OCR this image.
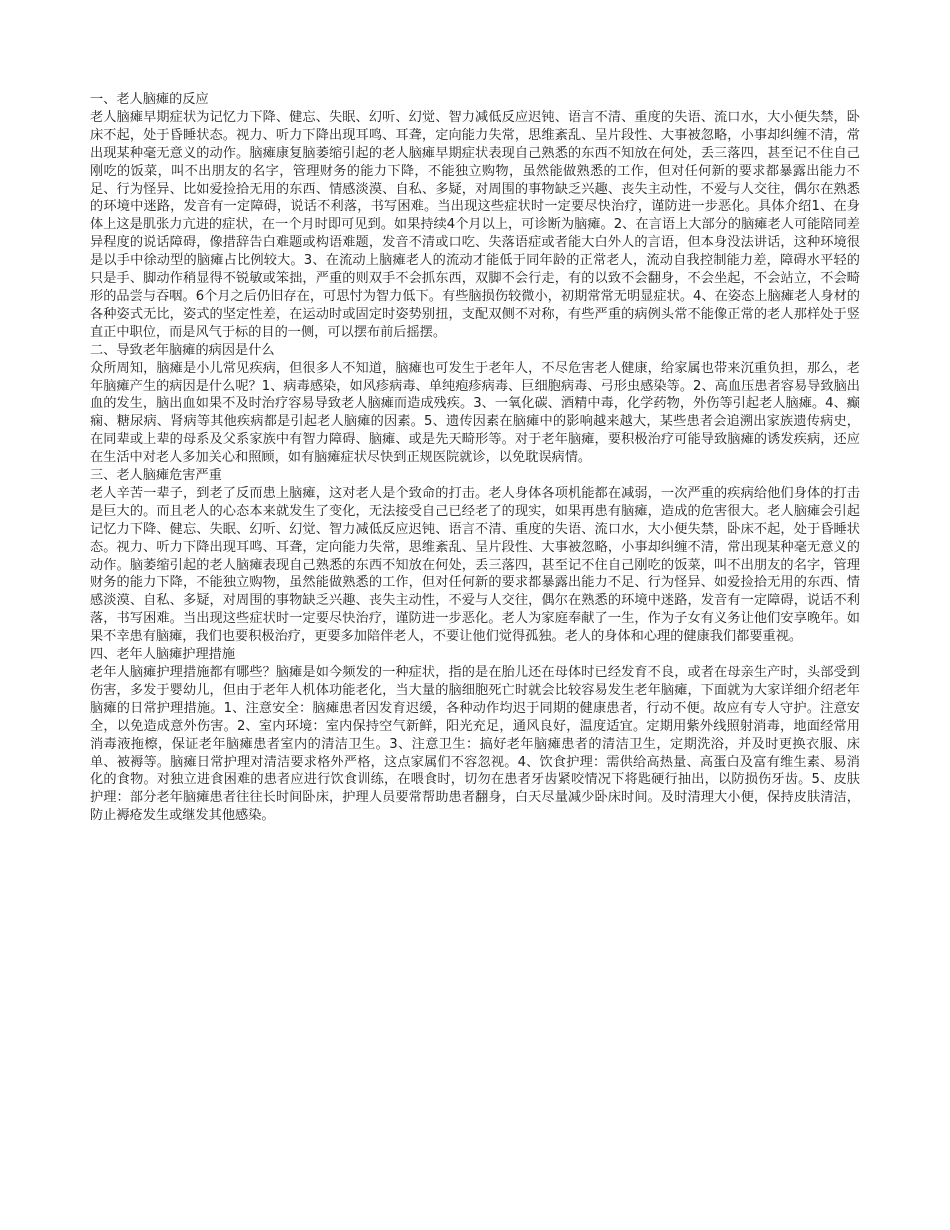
一、老人脑瘫的反应
老人脑瘫早期症状为记忆力下降、健忘、失眠、幻听、幻觉、智力减低反应迟钝、语言不清、重度的失语、流口水，大小便失禁，卧床不起，处于昏睡状态。视力、听力下降出现耳鸣、耳聋，定向能力失常，思维紊乱、呈片段性、大事被忽略，小事却纠缠不清，常出现某种毫无意义的动作。脑瘫康复脑萎缩引起的老人脑瘫早期症状表现自己熟悉的东西不知放在何处，丢三落四，甚至记不住自己刚吃的饭菜，叫不出朋友的名字，管理财务的能力下降，不能独立购物，虽然能做熟悉的工作，但对任何新的要求都暴露出能力不足、行为怪异、比如爱捡拾无用的东西、情感淡漠、自私、多疑，对周围的事物缺乏兴趣、丧失主动性，不爱与人交往，偶尔在熟悉的环境中迷路，发音有一定障碍，说话不利落，书写困难。当出现这些症状时一定要尽快治疗，谨防进一步恶化。具体介绍1、在身体上这是肌张力亢进的症状，在一个月时即可见到。如果持续4个月以上，可诊断为脑瘫。2、在言语上大部分的脑瘫老人可能陪同差异程度的说话障碍，像措辞告白难题或构语难题，发音不清或口吃、失落语症或者能大白外人的言语，但本身没法讲话，这种环境很是以手中徐动型的脑瘫占比例较大。3、在流动上脑瘫老人的流动才能低于同年龄的正常老人，流动自我控制能力差，障碍水平轻的只是手、脚动作稍显得不锐敏或笨拙，严重的则双手不会抓东西，双脚不会行走，有的以致不会翻身，不会坐起，不会站立，不会畸形的品尝与吞咽。6个月之后仍旧存在，可思忖为智力低下。有些脑损伤较微小，初期常常无明显症状。4、在姿态上脑瘫老人身材的各种姿式无比，姿式的坚定性差，在运动时或固定时姿势别扭，支配双侧不对称，有些严重的病例头常不能像正常的老人那样处于竖直正中职位，而是风气于标的目的一侧，可以摆布前后摇摆。
二、导致老年脑瘫的病因是什么
众所周知，脑瘫是小儿常见疾病，但很多人不知道，脑瘫也可发生于老年人，不尽危害老人健康，给家属也带来沉重负担，那么，老年脑瘫产生的病因是什么呢？1、病毒感染，如风疹病毒、单纯疱疹病毒、巨细胞病毒、弓形虫感染等。2、高血压患者容易导致脑出血的发生，脑出血如果不及时治疗容易导致老人脑瘫而造成残疾。3、一氧化碳、酒精中毒，化学药物，外伤等引起老人脑瘫。4、癫痫、糖尿病、肾病等其他疾病都是引起老人脑瘫的因素。5、遗传因素在脑瘫中的影响越来越大，某些患者会追溯出家族遗传病史，在同辈或上辈的母系及父系家族中有智力障碍、脑瘫、或是先天畸形等。对于老年脑瘫，要积极治疗可能导致脑瘫的诱发疾病，还应在生活中对老人多加关心和照顾，如有脑瘫症状尽快到正规医院就诊，以免耽误病情。
三、老人脑瘫危害严重
老人辛苦一辈子，到老了反而患上脑瘫，这对老人是个致命的打击。老人身体各项机能都在减弱，一次严重的疾病给他们身体的打击是巨大的。而且老人的心态本来就发生了变化，无法接受自己已经老了的现实，如果再患有脑瘫，造成的危害很大。老人脑瘫会引起记忆力下降、健忘、失眠、幻听、幻觉、智力减低反应迟钝、语言不清、重度的失语、流口水，大小便失禁，卧床不起，处于昏睡状态。视力、听力下降出现耳鸣、耳聋，定向能力失常，思维紊乱、呈片段性、大事被忽略，小事却纠缠不清，常出现某种毫无意义的动作。脑萎缩引起的老人脑瘫表现自己熟悉的东西不知放在何处，丢三落四，甚至记不住自己刚吃的饭菜，叫不出朋友的名字，管理财务的能力下降，不能独立购物，虽然能做熟悉的工作，但对任何新的要求都暴露出能力不足、行为怪异、如爱捡拾无用的东西、情感淡漠、自私、多疑，对周围的事物缺乏兴趣、丧失主动性，不爱与人交往，偶尔在熟悉的环境中迷路，发音有一定障碍，说话不利落，书写困难。当出现这些症状时一定要尽快治疗，谨防进一步恶化。老人为家庭奉献了一生，作为子女有义务让他们安享晚年。如果不幸患有脑瘫，我们也要积极治疗，更要多加陪伴老人，不要让他们觉得孤独。老人的身体和心理的健康我们都要重视。
四、老年人脑瘫护理措施
老年人脑瘫护理措施都有哪些？脑瘫是如今频发的一种症状，指的是在胎儿还在母体时已经发育不良，或者在母亲生产时，头部受到伤害，多发于婴幼儿，但由于老年人机体功能老化，当大量的脑细胞死亡时就会比较容易发生老年脑瘫，下面就为大家详细介绍老年脑瘫的日常护理措施。1、注意安全：脑瘫患者因发育迟缓，各种动作均迟于同期的健康患者，行动不便。故应有专人守护。注意安全，以免造成意外伤害。2、室内环境：室内保持空气新鲜，阳光充足，通风良好，温度适宜。定期用紫外线照射消毒，地面经常用消毒液拖檫，保证老年脑瘫患者室内的清洁卫生。3、注意卫生：搞好老年脑瘫患者的清洁卫生，定期洗浴，并及时更换衣服、床单、被褥等。脑瘫日常护理对清洁要求格外严格，这点家属们不容忽视。4、饮食护理：需供给高热量、高蛋白及富有维生素、易消化的食物。对独立进食困难的患者应进行饮食训练，在喂食时，切勿在患者牙齿紧咬情况下将匙硬行抽出，以防损伤牙齿。5、皮肤护理：部分老年脑瘫患者往往长时间卧床，护理人员要常帮助患者翻身，白天尽量减少卧床时间。及时清理大小便，保持皮肤清洁，防止褥疮发生或继发其他感染。
